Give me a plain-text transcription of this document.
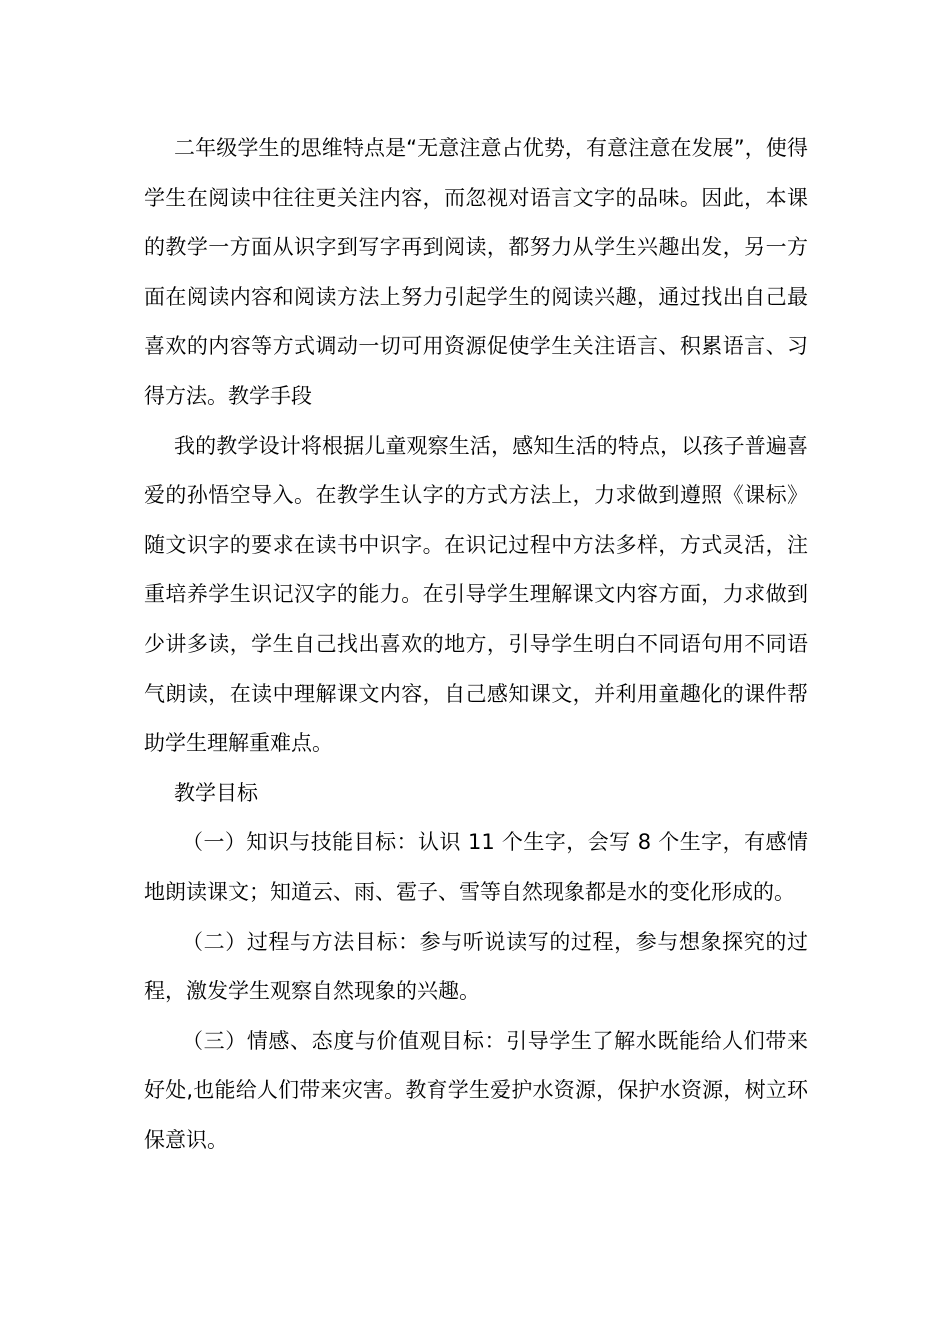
二年级学生的思维特点是“无意注意占优势，有意注意在发展”，使得学生在阅读中往往更关注内容，而忽视对语言文字的品味。因此，本课的教学一方面从识字到写字再到阅读，都努力从学生兴趣出发，另一方面在阅读内容和阅读方法上努力引起学生的阅读兴趣，通过找出自己最喜欢的内容等方式调动一切可用资源促使学生关注语言、积累语言、习得方法。教学手段

我的教学设计将根据儿童观察生活，感知生活的特点，以孩子普遍喜爱的孙悟空导入。在教学生认字的方式方法上，力求做到遵照《课标》随文识字的要求在读书中识字。在识记过程中方法多样，方式灵活，注重培养学生识记汉字的能力。在引导学生理解课文内容方面，力求做到少讲多读，学生自己找出喜欢的地方，引导学生明白不同语句用不同语气朗读，在读中理解课文内容，自己感知课文，并利用童趣化的课件帮助学生理解重难点。

教学目标

（一）知识与技能目标：认识 11 个生字，会写 8 个生字，有感情地朗读课文；知道云、雨、雹子、雪等自然现象都是水的变化形成的。

（二）过程与方法目标：参与听说读写的过程，参与想象探究的过程，激发学生观察自然现象的兴趣。

（三）情感、态度与价值观目标：引导学生了解水既能给人们带来好处,也能给人们带来灾害。教育学生爱护水资源，保护水资源，树立环保意识。
